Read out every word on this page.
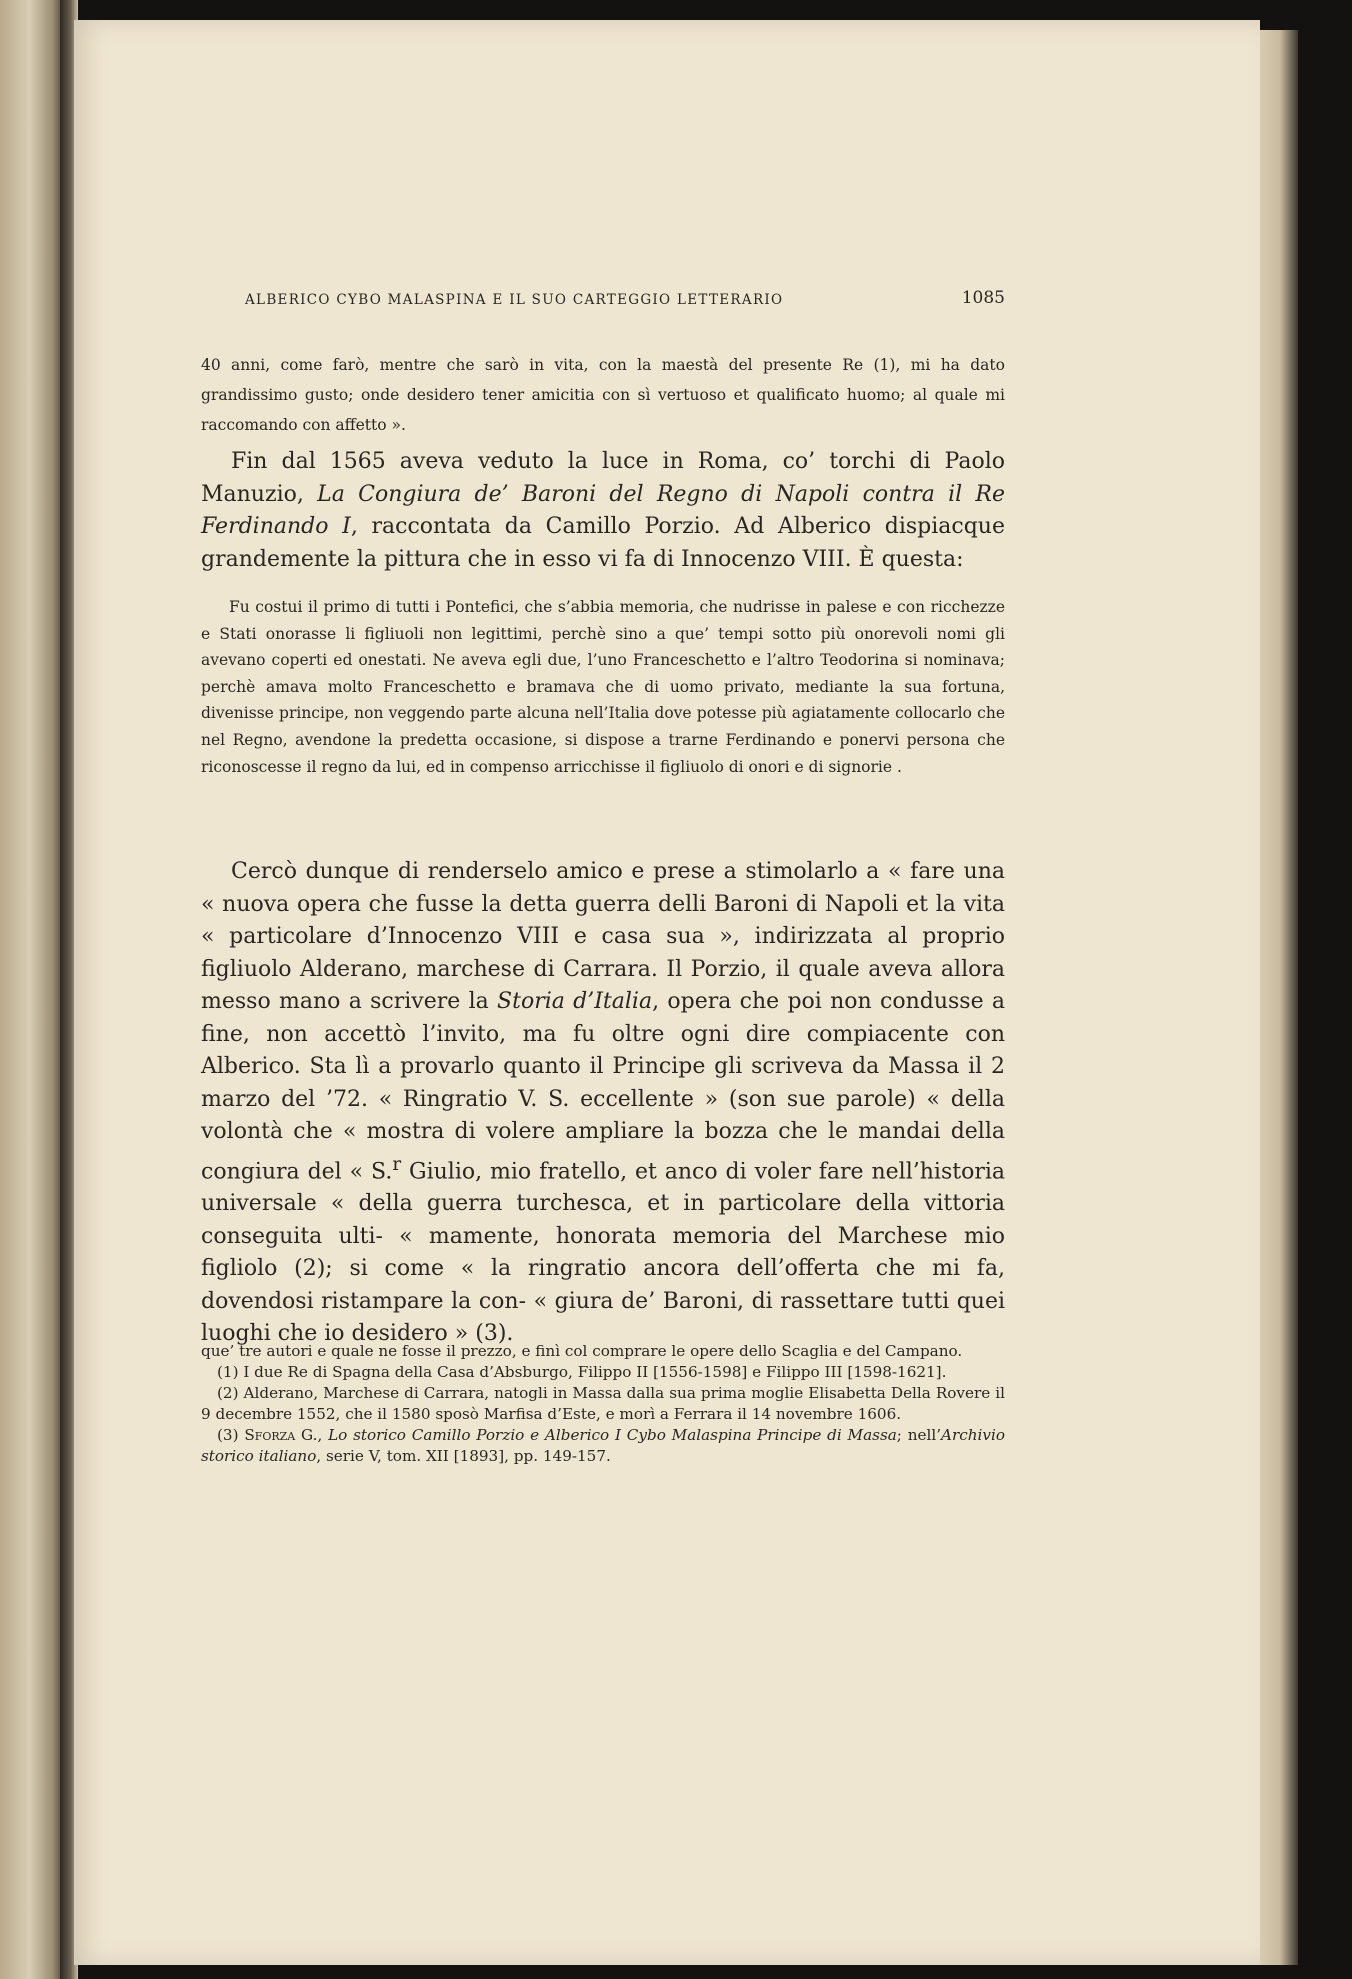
ALBERICO CYBO MALASPINA E IL SUO CARTEGGIO LETTERARIO	1085

40 anni, come farò, mentre che sarò in vita, con la maestà del presente Re (1), mi ha dato grandissimo gusto; onde desidero tener amicitia con sì vertuoso et qualificato huomo; al quale mi raccomando con affetto ».

Fin dal 1565 aveva veduto la luce in Roma, co’ torchi di Paolo Manuzio, La Congiura de’ Baroni del Regno di Napoli contra il Re Ferdinando I, raccontata da Camillo Porzio. Ad Alberico dispiacque grandemente la pittura che in esso vi fa di Innocenzo VIII. È questa:

Fu costui il primo di tutti i Pontefici, che s’abbia memoria, che nudrisse in palese e con ricchezze e Stati onorasse li figliuoli non legittimi, perchè sino a que’ tempi sotto più onorevoli nomi gli avevano coperti ed onestati. Ne aveva egli due, l’uno Franceschetto e l’altro Teodorina si nominava; perchè amava molto Franceschetto e bramava che di uomo privato, mediante la sua fortuna, divenisse principe, non veggendo parte alcuna nell’Italia dove potesse più agiatamente collocarlo che nel Regno, avendone la predetta occasione, si dispose a trarne Ferdinando e ponervi persona che riconoscesse il regno da lui, ed in compenso arricchisse il figliuolo di onori e di signorie .

Cercò dunque di renderselo amico e prese a stimolarlo a « fare una « nuova opera che fusse la detta guerra delli Baroni di Napoli et la vita « particolare d’Innocenzo VIII e casa sua », indirizzata al proprio figliuolo Alderano, marchese di Carrara. Il Porzio, il quale aveva allora messo mano a scrivere la Storia d’Italia, opera che poi non condusse a fine, non accettò l’invito, ma fu oltre ogni dire compiacente con Alberico. Sta lì a provarlo quanto il Principe gli scriveva da Massa il 2 marzo del ’72. « Ringratio V. S. eccellente » (son sue parole) « della volontà che « mostra di volere ampliare la bozza che le mandai della congiura del « S.$^r$ Giulio, mio fratello, et anco di voler fare nell’historia universale « della guerra turchesca, et in particolare della vittoria conseguita ulti- « mamente, honorata memoria del Marchese mio figliolo (2); si come « la ringratio ancora dell’offerta che mi fa, dovendosi ristampare la con- « giura de’ Baroni, di rassettare tutti quei luoghi che io desidero » (3).

que’ tre autori e quale ne fosse il prezzo, e finì col comprare le opere dello Scaglia e del Campano.

(1) I due Re di Spagna della Casa d’Absburgo, Filippo II [1556-1598] e Filippo III [1598-1621].

(2) Alderano, Marchese di Carrara, natogli in Massa dalla sua prima moglie Elisabetta Della Rovere il 9 decembre 1552, che il 1580 sposò Marfisa d’Este, e morì a Ferrara il 14 novembre 1606.

(3) Sforza G., Lo storico Camillo Porzio e Alberico I Cybo Malaspina Principe di Massa; nell’Archivio storico italiano, serie V, tom. XII [1893], pp. 149-157.
